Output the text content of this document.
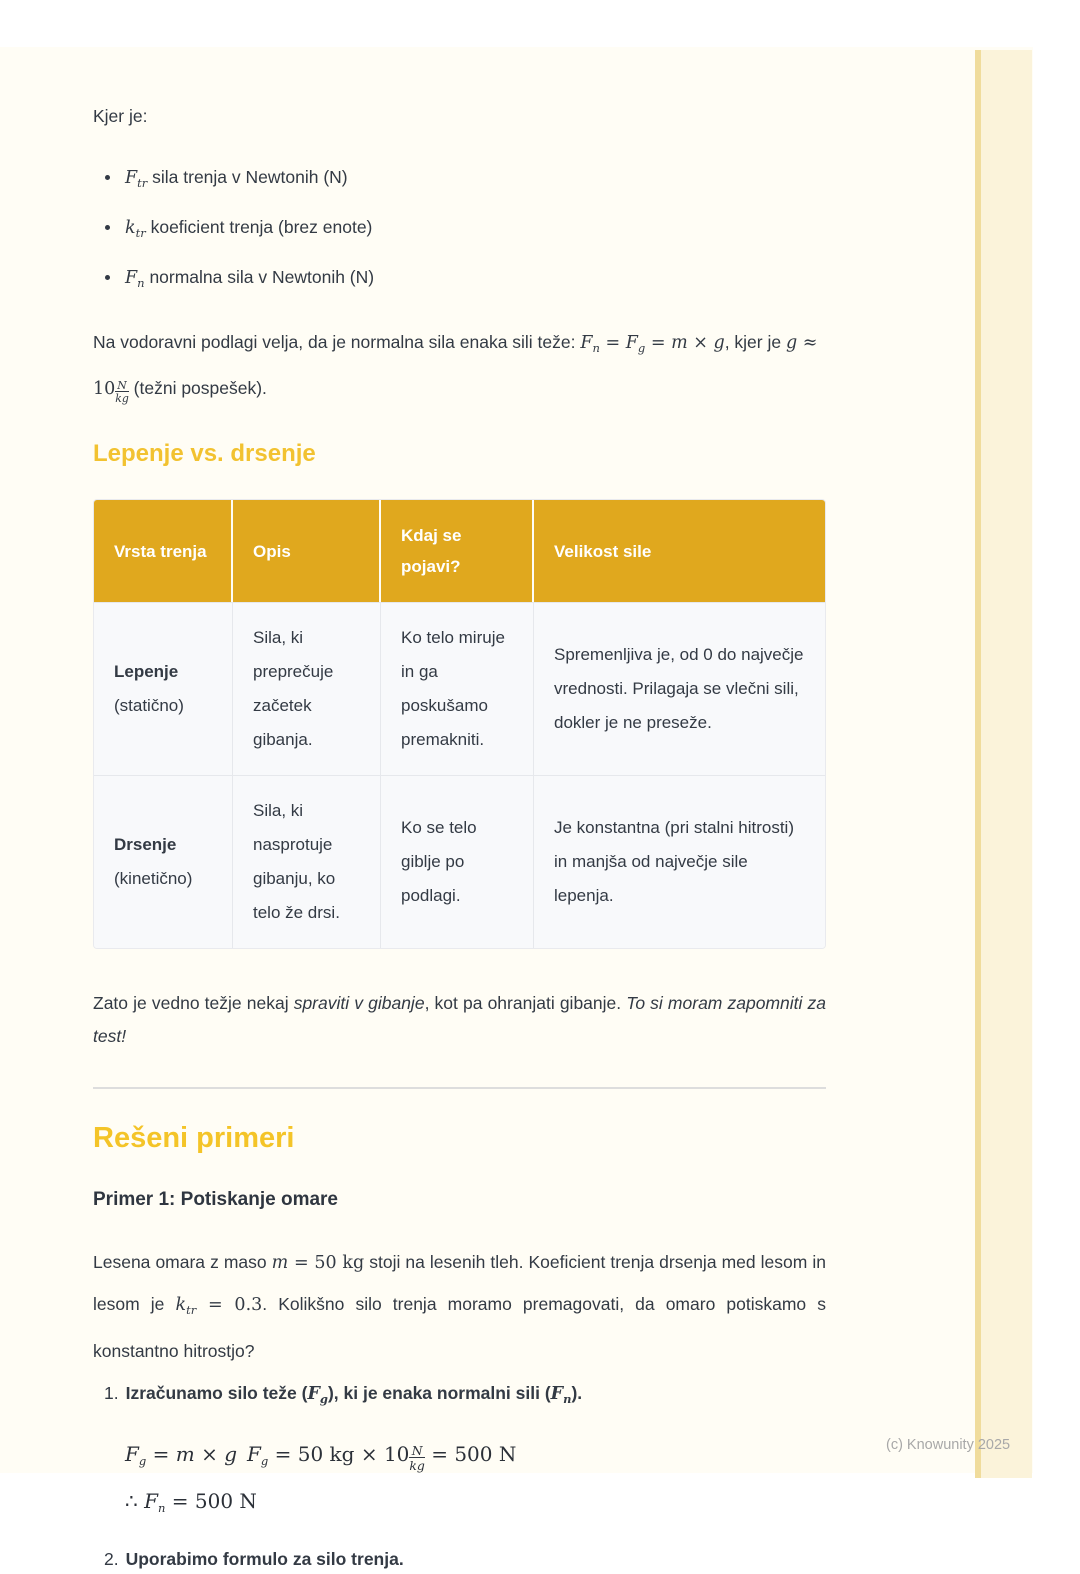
Kjer je:

$F_{tr}$ sila trenja v Newtonih (N)
$k_{tr}$ koeficient trenja (brez enote)
$F_n$ normalna sila v Newtonih (N)

Na vodoravni podlagi velja, da je normalna sila enaka sili teže: $F_n = F_g = m \times g$, kjer je $g \approx 10 \frac{N}{kg}$ (težni pospešek).

Lepenje vs. drsenje
Vrsta trenja	Opis	Kdaj se pojavi?	Velikost sile

Lepenje
(statično)	Sila, ki preprečuje začetek gibanja.	Ko telo miruje in ga poskušamo premakniti.	Spremenljiva je, od 0 do največje vrednosti. Prilagaja se vlečni sili, dokler je ne preseže.

Drsenje
(kinetično)	Sila, ki nasprotuje gibanju, ko telo že drsi.	Ko se telo giblje po podlagi.	Je konstantna (pri stalni hitrosti) in manjša od največje sile lepenja.

Zato je vedno težje nekaj spraviti v gibanje, kot pa ohranjati gibanje. To si moram zapomniti za test!

Rešeni primeri
Primer 1: Potiskanje omare

Lesena omara z maso m = 50 kg stoji na lesenih tleh. Koeficient trenja drsenja med lesom in lesom je $k_{tr} = 0.3$. Kolikšno silo trenja moramo premagovati, da omaro potiskamo s konstantno hitrostjo?

1. Izračunamo silo teže $(F_g)$, ki je enaka normalni sili $(F_n)$.
$F_g = m \times g$ $F_g = 50$ kg × $10 \frac{N}{kg} = 500$ N
∴ $F_n = 500$ N
2. Uporabimo formulo za silo trenja.
(c) Knowunity 2025
